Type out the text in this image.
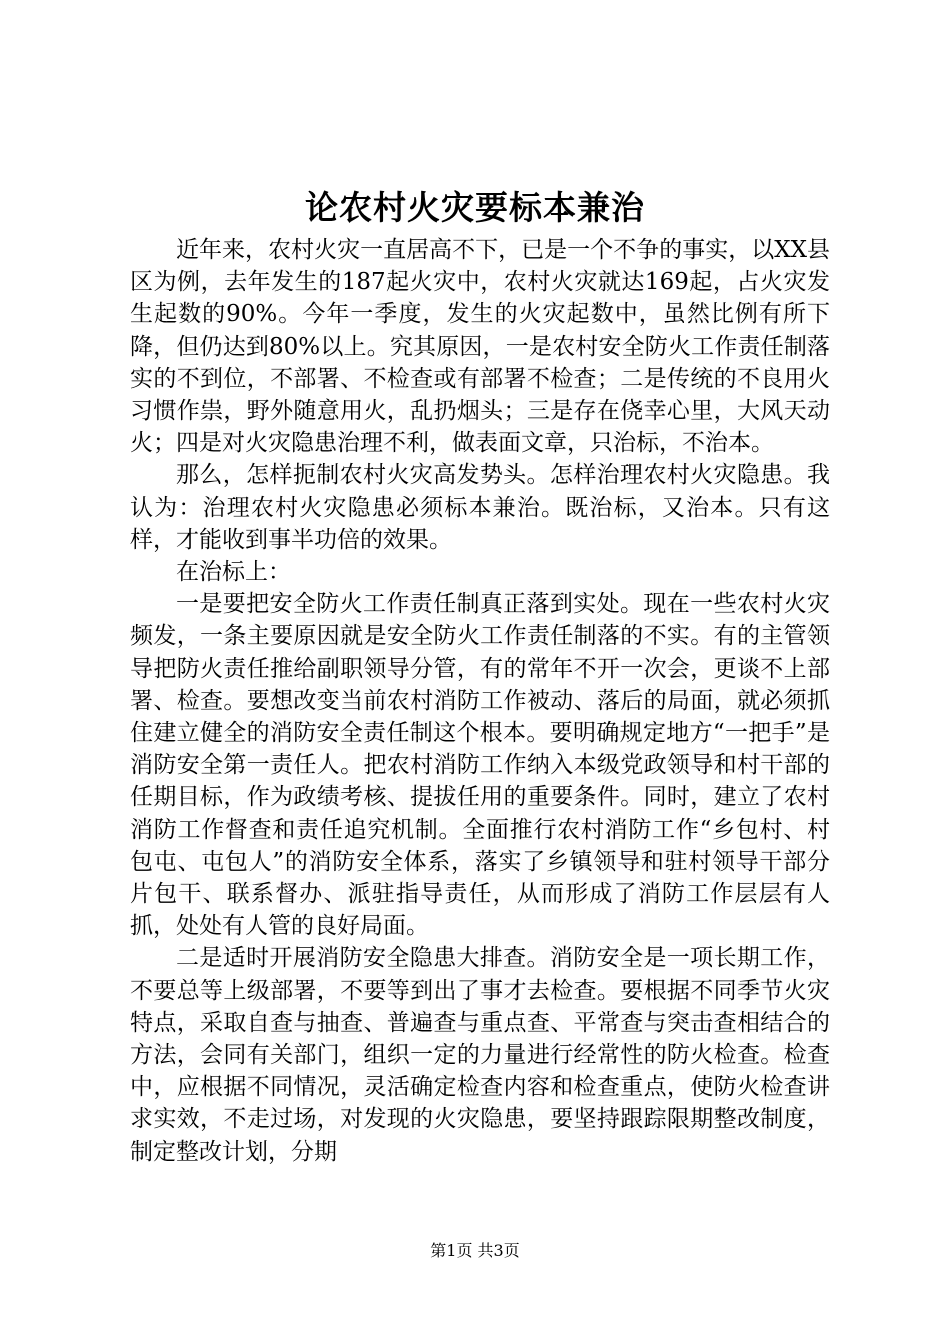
论农村火灾要标本兼治

近年来，农村火灾一直居高不下，已是一个不争的事实，以XX县区为例，去年发生的187起火灾中，农村火灾就达169起，占火灾发生起数的90%。今年一季度，发生的火灾起数中，虽然比例有所下降，但仍达到80%以上。究其原因，一是农村安全防火工作责任制落实的不到位，不部署、不检查或有部署不检查；二是传统的不良用火习惯作祟，野外随意用火，乱扔烟头；三是存在侥幸心里，大风天动火；四是对火灾隐患治理不利，做表面文章，只治标，不治本。

那么，怎样扼制农村火灾高发势头。怎样治理农村火灾隐患。我认为：治理农村火灾隐患必须标本兼治。既治标，又治本。只有这样，才能收到事半功倍的效果。

在治标上：

一是要把安全防火工作责任制真正落到实处。现在一些农村火灾频发，一条主要原因就是安全防火工作责任制落的不实。有的主管领导把防火责任推给副职领导分管，有的常年不开一次会，更谈不上部署、检查。要想改变当前农村消防工作被动、落后的局面，就必须抓住建立健全的消防安全责任制这个根本。要明确规定地方“一把手”是消防安全第一责任人。把农村消防工作纳入本级党政领导和村干部的任期目标，作为政绩考核、提拔任用的重要条件。同时，建立了农村消防工作督查和责任追究机制。全面推行农村消防工作“乡包村、村包屯、屯包人”的消防安全体系，落实了乡镇领导和驻村领导干部分片包干、联系督办、派驻指导责任，从而形成了消防工作层层有人抓，处处有人管的良好局面。

二是适时开展消防安全隐患大排查。消防安全是一项长期工作，不要总等上级部署，不要等到出了事才去检查。要根据不同季节火灾特点，采取自查与抽查、普遍查与重点查、平常查与突击查相结合的方法，会同有关部门，组织一定的力量进行经常性的防火检查。检查中，应根据不同情况，灵活确定检查内容和检查重点，使防火检查讲求实效，不走过场，对发现的火灾隐患，要坚持跟踪限期整改制度，制定整改计划，分期

第1页 共3页
